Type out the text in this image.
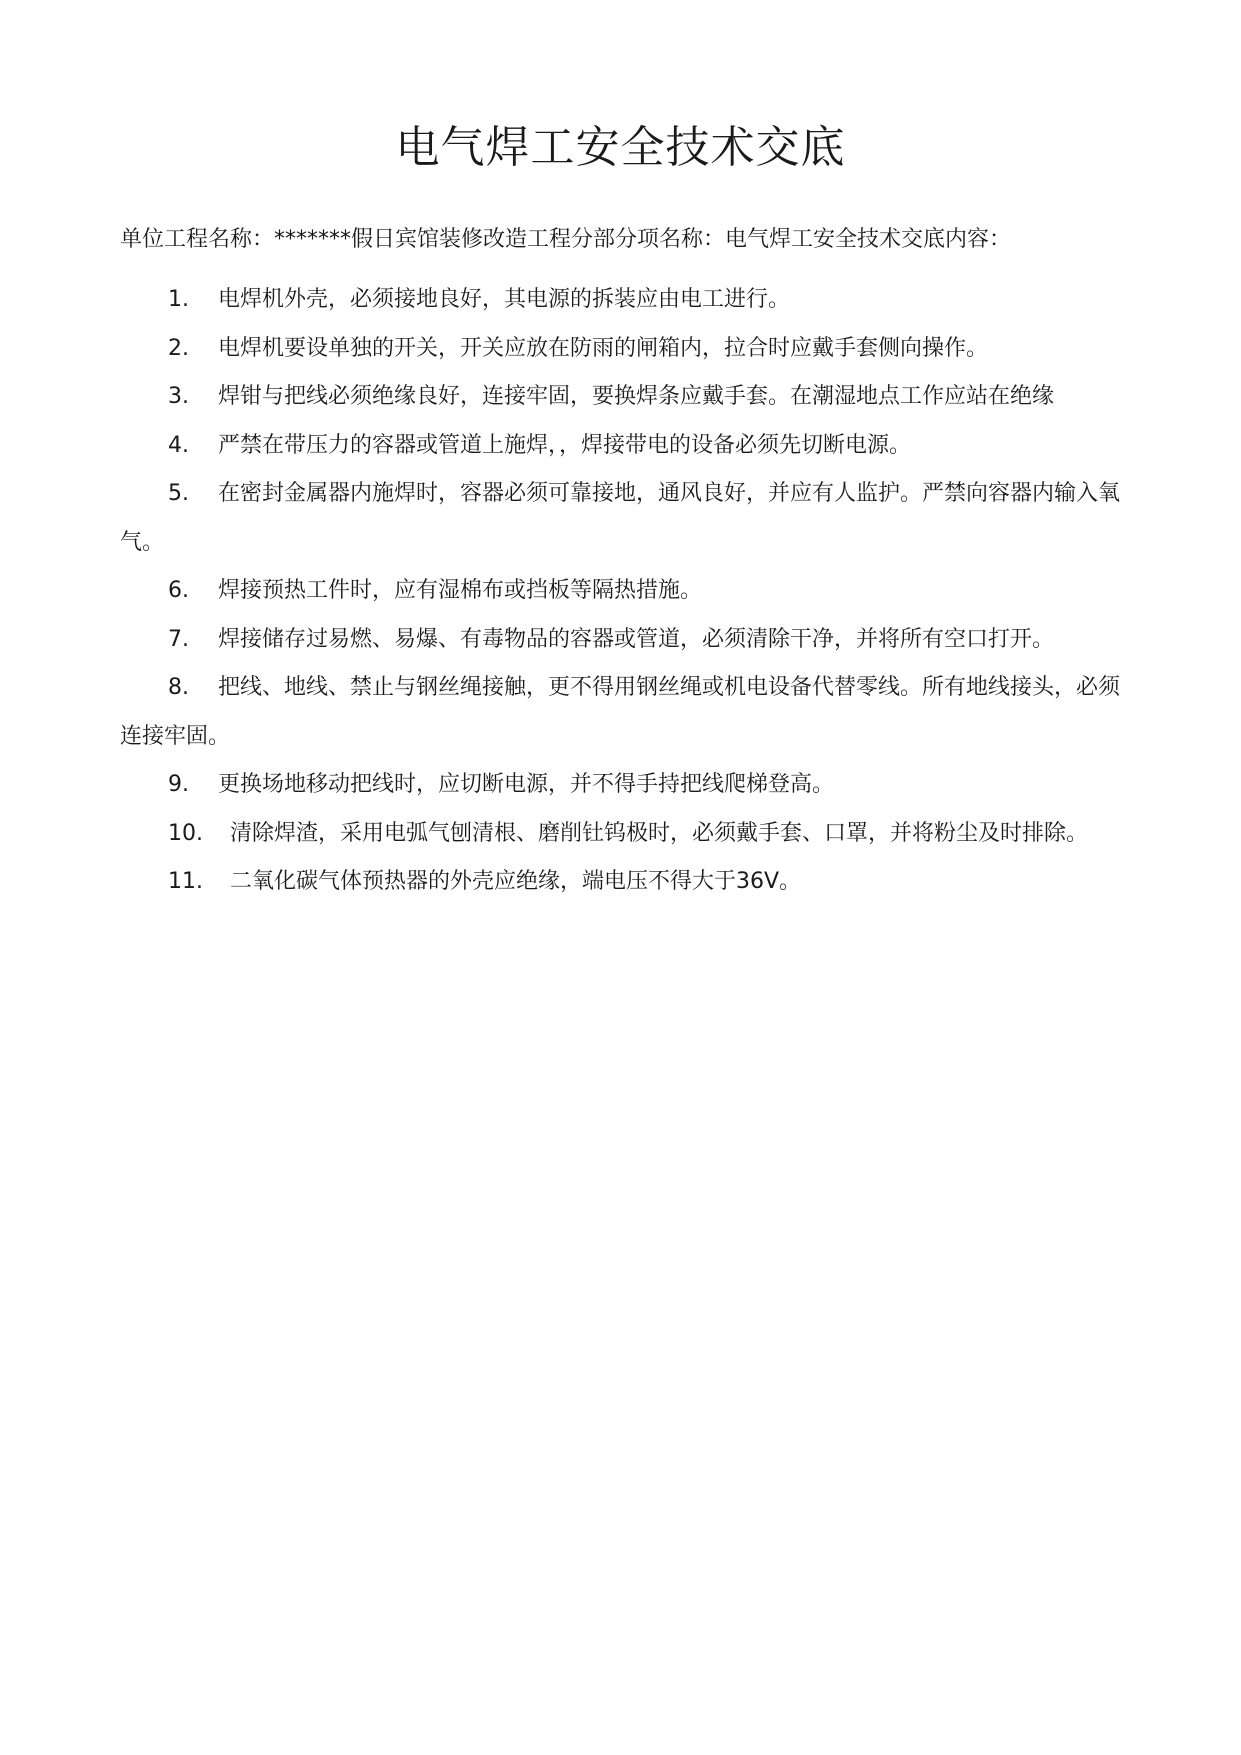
电气焊工安全技术交底

单位工程名称：*******假日宾馆装修改造工程分部分项名称：电气焊工安全技术交底内容：

1. 电焊机外壳，必须接地良好，其电源的拆装应由电工进行。
2. 电焊机要设单独的开关，开关应放在防雨的闸箱内，拉合时应戴手套侧向操作。
3. 焊钳与把线必须绝缘良好，连接牢固，要换焊条应戴手套。在潮湿地点工作应站在绝缘
4. 严禁在带压力的容器或管道上施焊，，焊接带电的设备必须先切断电源。
5. 在密封金属器内施焊时，容器必须可靠接地，通风良好，并应有人监护。严禁向容器内输入氧气。
6. 焊接预热工件时，应有湿棉布或挡板等隔热措施。
7. 焊接储存过易燃、易爆、有毒物品的容器或管道，必须清除干净，并将所有空口打开。
8. 把线、地线、禁止与钢丝绳接触，更不得用钢丝绳或机电设备代替零线。所有地线接头，必须连接牢固。
9. 更换场地移动把线时，应切断电源，并不得手持把线爬梯登高。
10. 清除焊渣，采用电弧气刨清根、磨削钍钨极时，必须戴手套、口罩，并将粉尘及时排除。
11. 二氧化碳气体预热器的外壳应绝缘，端电压不得大于36V。
